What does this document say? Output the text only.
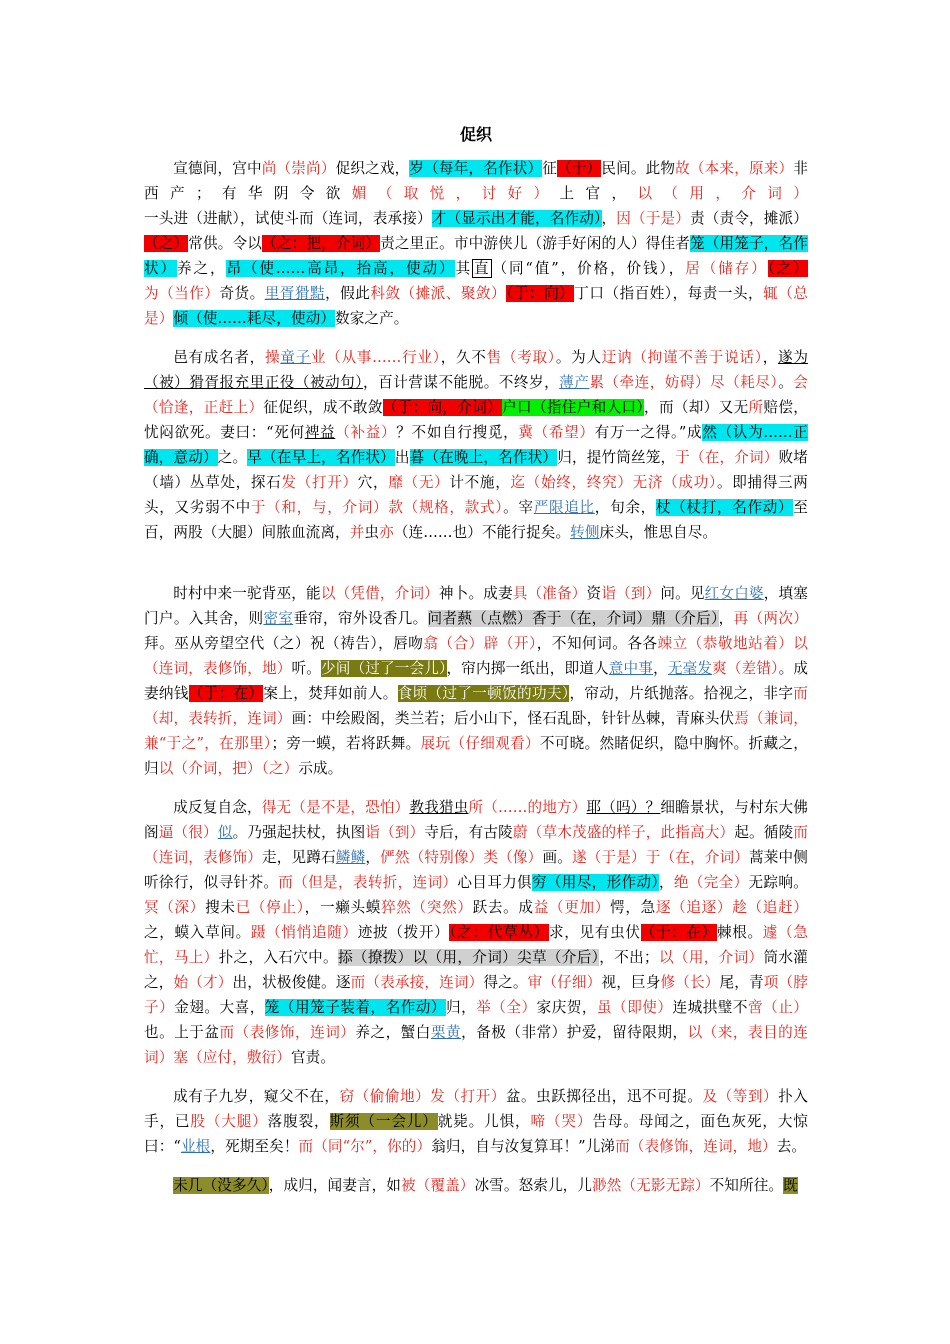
促织

宣德间，宫中尚（崇尚）促织之戏，岁（每年，名作状）征（于）民间。此物故（本来，原来）非西产；有华阴令欲媚（取悦，讨好）上官，以（用，介词）一头进（进献），试使斗而（连词，表承接）才（显示出才能，名作动），因（于是）责（责令，摊派）（之）常供。令以（之：把，介词）责之里正。市中游侠儿（游手好闲的人）得佳者笼（用笼子，名作状）养之，昂（使……高昂，抬高，使动）其 直 （同“值”，价格，价钱），居（储存）（之）为（当作）奇货。里胥猾黠，假此科敛（摊派、聚敛）（于：向）丁口（指百姓），每责一头，辄（总是）倾（使……耗尽，使动）数家之产。

邑有成名者，操童子业（从事……行业），久不售（考取）。为人迂讷（拘谨不善于说话），遂为（被）猾胥报充里正役（被动句），百计营谋不能脱。不终岁，薄产累（牵连，妨碍）尽（耗尽）。会（恰逢，正赶上）征促织，成不敢敛（于：向，介词）户口（指住户和人口），而（却）又无所赔偿，忧闷欲死。妻曰：“死何裨益（补益）？不如自行搜觅，冀（希望）有万一之得。”成然（认为……正确，意动）之。早（在早上，名作状）出暮（在晚上，名作状）归，提竹筒丝笼，于（在，介词）败堵（墙）丛草处，探石发（打开）穴，靡（无）计不施，迄（始终，终究）无济（成功）。即捕得三两头，又劣弱不中于（和，与，介词）款（规格，款式）。宰严限追比，旬余，杖（杖打，名作动）至百，两股（大腿）间脓血流离，并虫亦（连……也）不能行捉矣。转侧床头，惟思自尽。

时村中来一驼背巫，能以（凭借，介词）神卜。成妻具（准备）资诣（到）问。见红女白婆，填塞门户。入其舍，则密室垂帘，帘外设香几。问者爇（点燃）香于（在，介词）鼎（介后），再（两次）拜。巫从旁望空代（之）祝（祷告），唇吻翕（合）辟（开），不知何词。各各竦立（恭敬地站着）以（连词，表修饰，地）听。少间（过了一会儿），帘内掷一纸出，即道人意中事，无毫发爽（差错）。成妻纳钱（于：在）案上，焚拜如前人。食顷（过了一顿饭的功夫），帘动，片纸抛落。拾视之，非字而（却，表转折，连词）画：中绘殿阁，类兰若；后小山下，怪石乱卧，针针丛棘，青麻头伏焉（兼词，兼“于之”，在那里）；旁一蟆，若将跃舞。展玩（仔细观看）不可晓。然睹促织，隐中胸怀。折藏之，归以（介词，把）（之）示成。

成反复自念，得无（是不是，恐怕）教我猎虫所（……的地方）耶（吗）？细瞻景状，与村东大佛阁逼（很）似。乃强起扶杖，执图诣（到）寺后，有古陵蔚（草木茂盛的样子，此指高大）起。循陵而（连词，表修饰）走，见蹲石鳞鳞，俨然（特别像）类（像）画。遂（于是）于（在，介词）蒿莱中侧听徐行，似寻针芥。而（但是，表转折，连词）心目耳力俱穷（用尽，形作动），绝（完全）无踪响。冥（深）搜未已（停止），一癞头蟆猝然（突然）跃去。成益（更加）愕，急逐（追逐）趁（追赶）之，蟆入草间。蹑（悄悄追随）迹披（拨开）（之：代草丛）求，见有虫伏（于：在）棘根。遽（急忙，马上）扑之，入石穴中。掭（撩拨）以（用，介词）尖草（介后），不出；以（用，介词）筒水灌之，始（才）出，状极俊健。逐而（表承接，连词）得之。审（仔细）视，巨身修（长）尾，青项（脖子）金翅。大喜，笼（用笼子装着，名作动）归，举（全）家庆贺，虽（即使）连城拱璧不啻（止）也。上于盆而（表修饰，连词）养之，蟹白栗黄，备极（非常）护爱，留待限期，以（来，表目的连词）塞（应付，敷衍）官责。

成有子九岁，窥父不在，窃（偷偷地）发（打开）盆。虫跃掷径出，迅不可捉。及（等到）扑入手，已股（大腿）落腹裂，斯须（一会儿）就毙。儿惧，啼（哭）告母。母闻之，面色灰死，大惊曰：“业根，死期至矣！而（同“尔”，你的）翁归，自与汝复算耳！”儿涕而（表修饰，连词，地）去。

未几（没多久），成归，闻妻言，如被（覆盖）冰雪。怒索儿，儿渺然（无影无踪）不知所往。既
